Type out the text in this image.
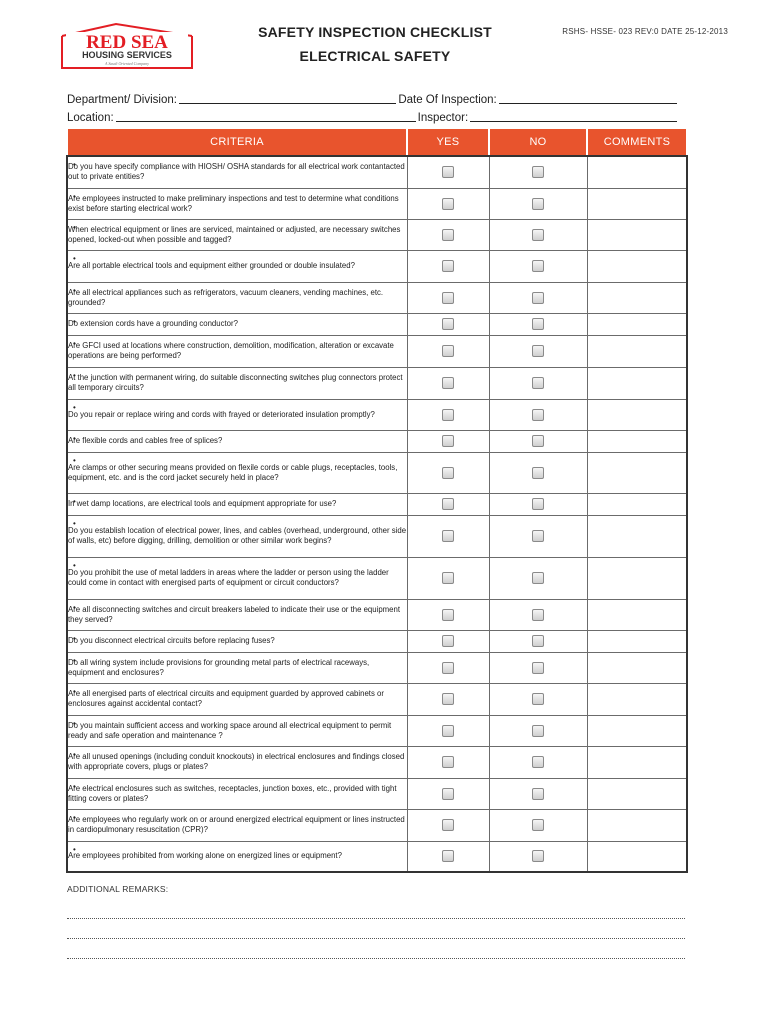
RED SEA
HOUSING SERVICES
A Saudi Oriented Company
SAFETY INSPECTION CHECKLIST
ELECTRICAL SAFETY
RSHS- HSSE- 023 REV:0 DATE 25-12-2013
Department/ Division:	Date Of Inspection:
Location:	Inspector:
CRITERIA	YES	NO	COMMENTS
• Do you have specify compliance with HIOSH/ OSHA standards for all electrical work contantacted out to private entities?			
• Are employees instructed to make preliminary inspections and test to determine what conditions exist before starting electrical work?			
• When electrical equipment or lines are serviced, maintained or adjusted, are necessary switches opened, locked-out when possible and tagged?			
• Are all portable electrical tools and equipment either grounded or double insulated?			
• Are all electrical appliances such as refrigerators, vacuum cleaners, vending machines, etc. grounded?			
• Do extension cords have a grounding conductor?			
• Are GFCI used at locations where construction, demolition, modification, alteration or excavate operations are being performed?			
• At the junction with permanent wiring, do suitable disconnecting switches plug connectors protect all temporary circuits?			
• Do you repair or replace wiring and cords with frayed or deteriorated insulation promptly?			
• Are flexible cords and cables free of splices?			
• Are clamps or other securing means provided on flexile cords or cable plugs, receptacles, tools, equipment, etc. and is the cord jacket securely held in place?			
• In wet damp locations, are electrical tools and equipment appropriate for use?			
• Do you establish location of electrical power, lines, and cables (overhead, underground, other side of walls, etc) before digging, drilling, demolition or other similar work begins?			
• Do you prohibit the use of metal ladders in areas where the ladder or person using the ladder could come in contact with energised parts of equipment or circuit conductors?			
• Are all disconnecting switches and circuit breakers labeled to indicate their use or the equipment they served?			
• Do you disconnect electrical circuits before replacing fuses?			
• Do all wiring system include provisions for grounding metal parts of electrical raceways, equipment and enclosures?			
• Are all energised parts of electrical circuits and equipment guarded by approved cabinets or enclosures against accidental contact?			
• Do you maintain sufficient access and working space around all electrical equipment to permit ready and safe operation and maintenance ?			
• Are all unused openings (including conduit knockouts) in electrical enclosures and findings closed with appropriate covers, plugs or plates?			
• Are electrical enclosures such as switches, receptacles, junction boxes, etc., provided with tight fitting covers or plates?			
• Are employees who regularly work on or around energized electrical equipment or lines instructed in cardiopulmonary resuscitation (CPR)?			
• Are employees prohibited from working alone on energized lines or equipment?			
ADDITIONAL REMARKS:
